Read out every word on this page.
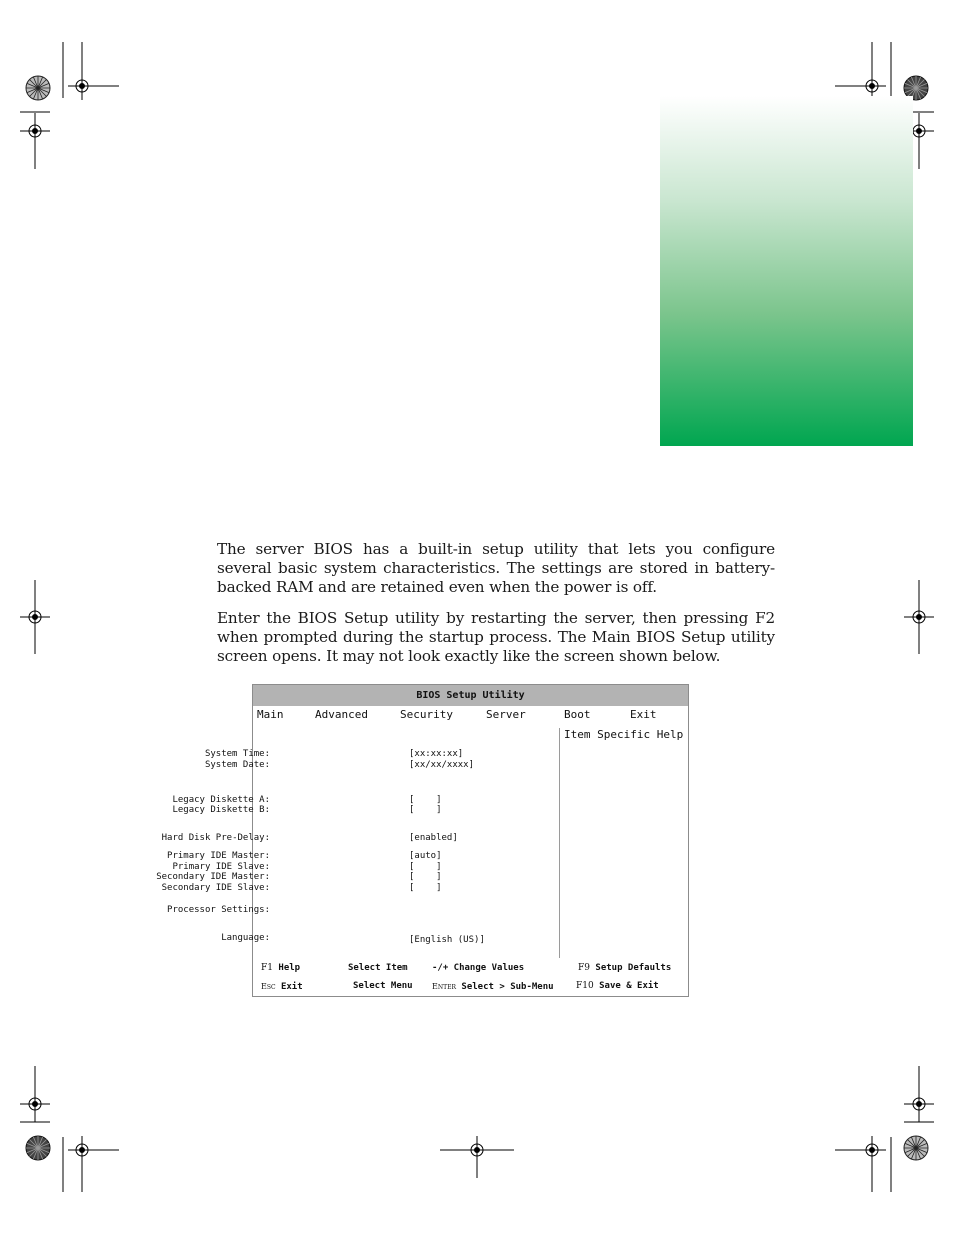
The server BIOS has a built-in setup utility that lets you configure several basic system characteristics. The settings are stored in battery-backed RAM and are retained even when the power is off.

Enter the BIOS Setup utility by restarting the server, then pressing F2 when prompted during the startup process. The Main BIOS Setup utility screen opens. It may not look exactly like the screen shown below.

BIOS Setup Utility
Main	Advanced	Security	Server	Boot	Exit
Item Specific Help
System Time:	[xx:xx:xx]
System Date:	[xx/xx/xxxx]
Legacy Diskette A:	[    ]
Legacy Diskette B:	[    ]
Hard Disk Pre-Delay:	[enabled]
Primary IDE Master:	[auto]
Primary IDE Slave:	[    ]
Secondary IDE Master:	[    ]
Secondary IDE Slave:	[    ]
Processor Settings:
Language:	[English (US)]
F1 Help	Select Item	-/+ Change Values	F9 Setup Defaults
Esc Exit	Select Menu Enter Select > Sub-Menu F10 Save & Exit
